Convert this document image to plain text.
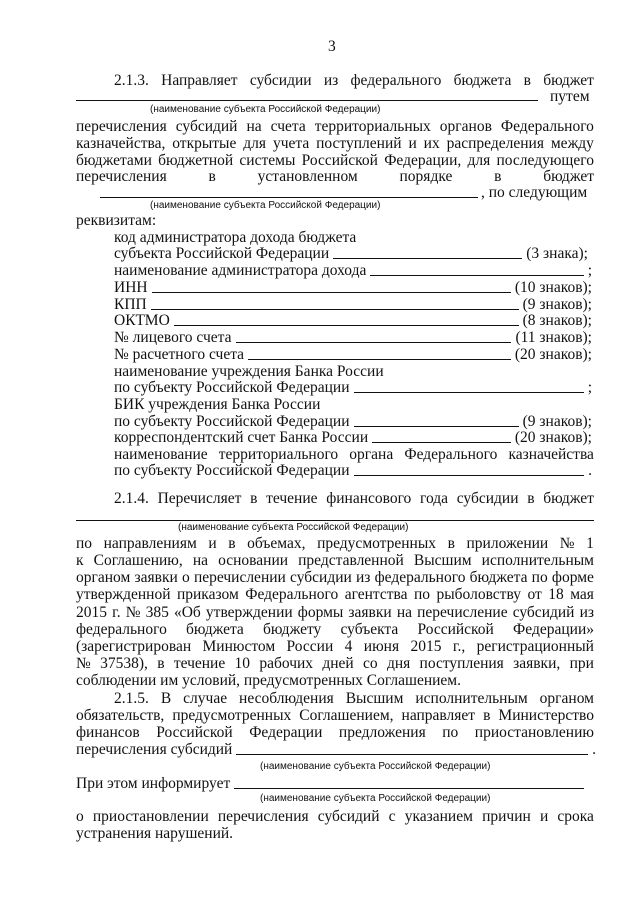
3
2.1.3. Направляет субсидии из федерального бюджета в бюджет
путем
(наименование субъекта Российской Федерации)
перечисления субсидий на счета территориальных органов Федерального
казначейства, открытые для учета поступлений и их распределения между
бюджетами бюджетной системы Российской Федерации, для последующего
перечисления	в	установленном	порядке	в	бюджет
, по следующим
(наименование субъекта Российской Федерации)
реквизитам:
код администратора дохода бюджета
субъекта Российской Федерации	(3 знака);
наименование администратора дохода	;
ИНН	(10 знаков);
КПП	(9 знаков);
ОКТМО	(8 знаков);
№ лицевого счета	(11 знаков);
№ расчетного счета	(20 знаков);
наименование учреждения Банка России
по субъекту Российской Федерации	;
БИК учреждения Банка России
по субъекту Российской Федерации	(9 знаков);
корреспондентский счет Банка России	(20 знаков);
наименование территориального органа Федерального казначейства
по субъекту Российской Федерации	.
2.1.4. Перечисляет в течение финансового года субсидии в бюджет
(наименование субъекта Российской Федерации)
по направлениям и в объемах, предусмотренных в приложении № 1
к Соглашению, на основании представленной Высшим исполнительным
органом заявки о перечислении субсидии из федерального бюджета по форме
утвержденной приказом Федерального агентства по рыболовству от 18 мая
2015 г. № 385 «Об утверждении формы заявки на перечисление субсидий из
федерального бюджета бюджету субъекта Российской Федерации»
(зарегистрирован Минюстом России 4 июня 2015 г., регистрационный
№ 37538), в течение 10 рабочих дней со дня поступления заявки, при
соблюдении им условий, предусмотренных Соглашением.
2.1.5. В случае несоблюдения Высшим исполнительным органом
обязательств, предусмотренных Соглашением, направляет в Министерство
финансов Российской Федерации предложения по приостановлению
перечисления субсидий	.
(наименование субъекта Российской Федерации)
При этом информирует
(наименование субъекта Российской Федерации)
о приостановлении перечисления субсидий с указанием причин и срока
устранения нарушений.
